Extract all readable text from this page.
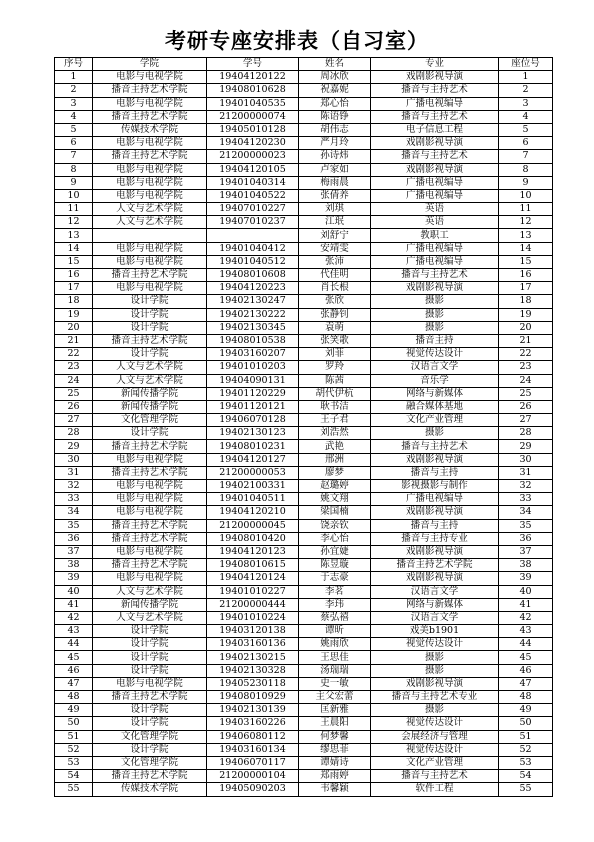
考研专座安排表（自习室）
序号	学院	学号	姓名	专业	座位号
1	电影与电视学院	19404120122	周冰欣	戏剧影视导演	1
2	播音主持艺术学院	19408010628	祝嘉妮	播音与主持艺术	2
3	电影与电视学院	19401040535	郑心怡	广播电视编导	3
4	播音主持艺术学院	21200000074	陈语铮	播音与主持艺术	4
5	传媒技术学院	19405010128	胡伟志	电子信息工程	5
6	电影与电视学院	19404120230	严月玲	戏剧影视导演	6
7	播音主持艺术学院	21200000023	孙诗炜	播音与主持艺术	7
8	电影与电视学院	19404120105	卢家如	戏剧影视导演	8
9	电影与电视学院	19401040314	梅雨晨	广播电视编导	9
10	电影与电视学院	19401040522	张倩养	广播电视编导	10
11	人文与艺术学院	19407010227	刘琪	英语	11
12	人文与艺术学院	19407010237	江珉	英语	12
13			刘舒宁	教职工	13
14	电影与电视学院	19401040412	安靖雯	广播电视编导	14
15	电影与电视学院	19401040512	张沛	广播电视编导	15
16	播音主持艺术学院	19408010608	代佳明	播音与主持艺术	16
17	电影与电视学院	19404120223	肖长根	戏剧影视导演	17
18	设计学院	19402130247	张欣	摄影	18
19	设计学院	19402130222	张静钊	摄影	19
20	设计学院	19402130345	袁萌	摄影	20
21	播音主持艺术学院	19408010538	张笑歌	播音主持	21
22	设计学院	19403160207	刘菲	视觉传达设计	22
23	人文与艺术学院	19401010203	罗羚	汉语言文学	23
24	人文与艺术学院	19404090131	陈茜	音乐学	24
25	新闻传播学院	19401120229	胡代伊杭	网络与新媒体	25
26	新闻传播学院	19401120121	耿书洁	融合媒体基地	26
27	文化管理学院	19406070128	王子君	文化产业管理	27
28	设计学院	19402130123	刘浩然	摄影	28
29	播音主持艺术学院	19408010231	武艳	播音与主持艺术	29
30	电影与电视学院	19404120127	邢洲	戏剧影视导演	30
31	播音主持艺术学院	21200000053	廖梦	播音与主持	31
32	电影与电视学院	19402100331	赵璐婷	影视摄影与制作	32
33	电影与电视学院	19401040511	姚文翔	广播电视编导	33
34	电影与电视学院	19404120210	梁国楠	戏剧影视导演	34
35	播音主持艺术学院	21200000045	饶亲钦	播音与主持	35
36	播音主持艺术学院	19408010420	李心怡	播音与主持专业	36
37	电影与电视学院	19404120123	孙宜婕	戏剧影视导演	37
38	播音主持艺术学院	19408010615	陈昱璇	播音主持艺术学院	38
39	电影与电视学院	19404120124	于志豪	戏剧影视导演	39
40	人文与艺术学院	19401010227	李茗	汉语言文学	40
41	新闻传播学院	21200000444	李玮	网络与新媒体	41
42	人文与艺术学院	19401010224	蔡弘禧	汉语言文学	42
43	设计学院	19403120138	谭昕	戏美b1901	43
44	设计学院	19403160136	姚雨欣	视觉传达设计	44
45	设计学院	19402130215	王思佳	摄影	45
46	设计学院	19402130328	汤瑞瑞	摄影	46
47	电影与电视学院	19405230118	史一敏	戏剧影视导演	47
48	播音主持艺术学院	19408010929	主父宏蕾	播音与主持艺术专业	48
49	设计学院	19402130139	匡新雅	摄影	49
50	设计学院	19403160226	王晨阳	视觉传达设计	50
51	文化管理学院	19406080112	何梦馨	会展经济与管理	51
52	设计学院	19403160134	缪思菲	视觉传达设计	52
53	文化管理学院	19406070117	谭婧诗	文化产业管理	53
54	播音主持艺术学院	21200000104	郑雨婷	播音与主持艺术	54
55	传媒技术学院	19405090203	韦馨颖	软件工程	55
